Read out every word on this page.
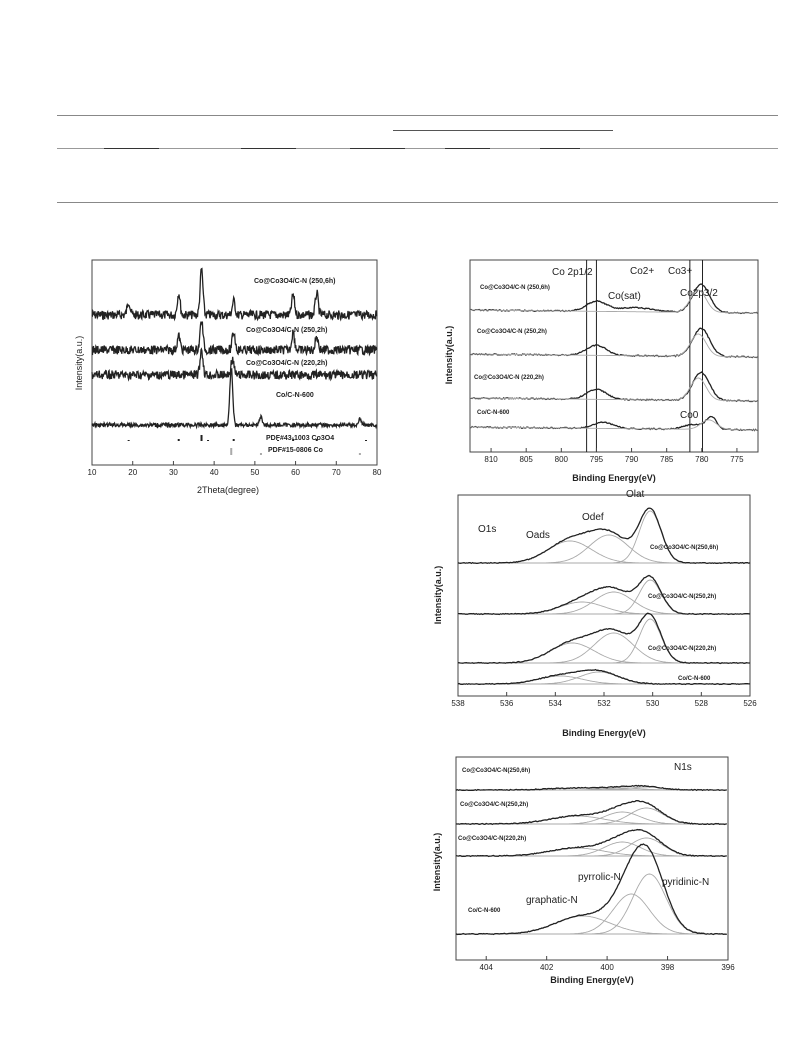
10	20	30	40	50	60	70	80
2Theta(degree)
Intensity(a.u.)
Co@Co3O4/C-N (250,6h)
Co@Co3O4/C-N (250,2h)
Co@Co3O4/C-N (220,2h)
Co/C-N-600
PDF#43-1003 Co3O4
PDF#15-0806 Co
810	805	800	795	790	785	780	775
Binding Energy(eV)
Intensity(a.u.)
Co 2p1/2
Co(sat)
Co2+ Co3+
Co2p3/2
Co0
Co@Co3O4/C-N (250,6h)
Co@Co3O4/C-N (250,2h)
Co@Co3O4/C-N (220,2h)
Co/C-N-600
538	536	534	532	530	528	526
Binding Energy(eV)
Intensity(a.u.)
O1s
Oads
Odef
Olat
Co@Co3O4/C-N(250,6h)
Co@Co3O4/C-N(250,2h)
Co@Co3O4/C-N(220,2h)
Co/C-N-600
404	402	400	398	396
Binding Energy(eV)
Intensity(a.u.)
N1s
pyrrolic-N	pyridinic-N
graphatic-N
Co@Co3O4/C-N(250,6h)
Co@Co3O4/C-N(250,2h)
Co@Co3O4/C-N(220,2h)
Co/C-N-600
